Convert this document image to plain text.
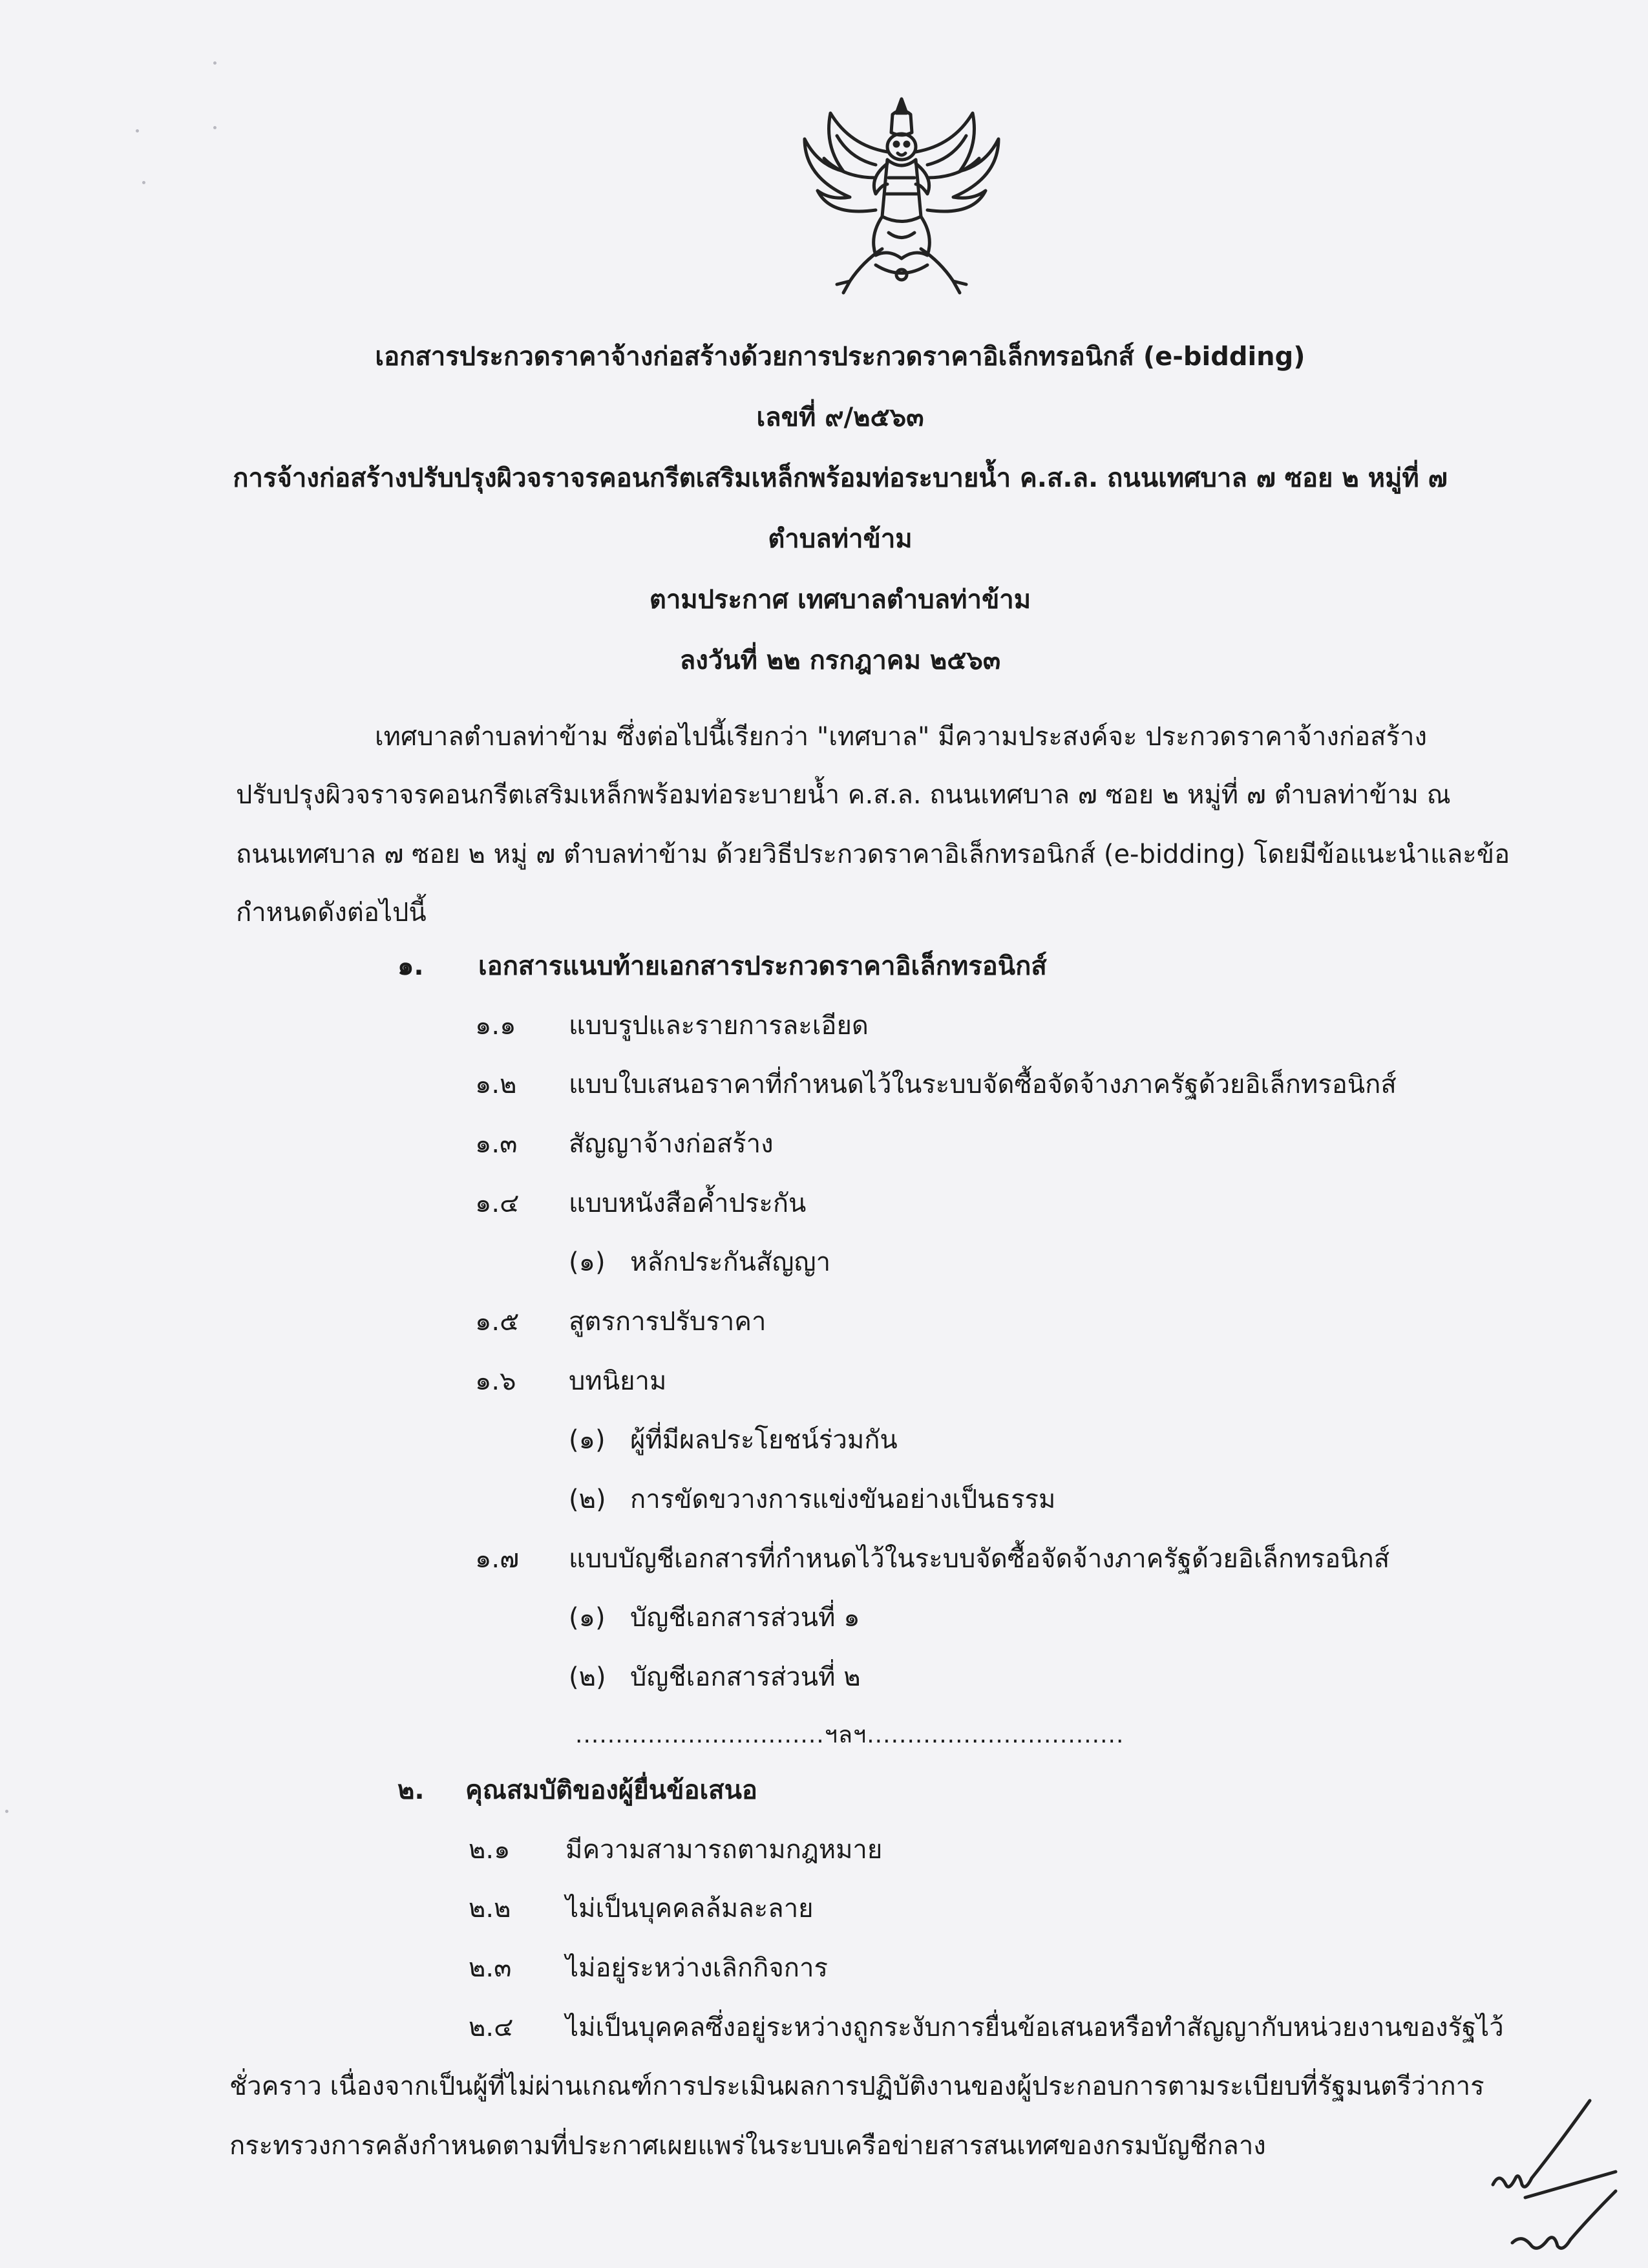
เอกสารประกวดราคาจ้างก่อสร้างด้วยการประกวดราคาอิเล็กทรอนิกส์ (e-bidding)
เลขที่ ๙/๒๕๖๓
การจ้างก่อสร้างปรับปรุงผิวจราจรคอนกรีตเสริมเหล็กพร้อมท่อระบายน้ำ ค.ส.ล. ถนนเทศบาล ๗ ซอย ๒ หมู่ที่ ๗
ตำบลท่าข้าม
ตามประกาศ เทศบาลตำบลท่าข้าม
ลงวันที่ ๒๒ กรกฎาคม ๒๕๖๓
เทศบาลตำบลท่าข้าม ซึ่งต่อไปนี้เรียกว่า "เทศบาล" มีความประสงค์จะ ประกวดราคาจ้างก่อสร้าง
ปรับปรุงผิวจราจรคอนกรีตเสริมเหล็กพร้อมท่อระบายน้ำ ค.ส.ล. ถนนเทศบาล ๗ ซอย ๒ หมู่ที่ ๗ ตำบลท่าข้าม ณ
ถนนเทศบาล ๗ ซอย ๒ หมู่ ๗ ตำบลท่าข้าม ด้วยวิธีประกวดราคาอิเล็กทรอนิกส์ (e-bidding) โดยมีข้อแนะนำและข้อ
กำหนดดังต่อไปนี้
๑. เอกสารแนบท้ายเอกสารประกวดราคาอิเล็กทรอนิกส์
๑.๑ แบบรูปและรายการละเอียด
๑.๒ แบบใบเสนอราคาที่กำหนดไว้ในระบบจัดซื้อจัดจ้างภาครัฐด้วยอิเล็กทรอนิกส์
๑.๓ สัญญาจ้างก่อสร้าง
๑.๔ แบบหนังสือค้ำประกัน
(๑) หลักประกันสัญญา
๑.๕ สูตรการปรับราคา
๑.๖ บทนิยาม
(๑) ผู้ที่มีผลประโยชน์ร่วมกัน
(๒) การขัดขวางการแข่งขันอย่างเป็นธรรม
๑.๗ แบบบัญชีเอกสารที่กำหนดไว้ในระบบจัดซื้อจัดจ้างภาครัฐด้วยอิเล็กทรอนิกส์
(๑) บัญชีเอกสารส่วนที่ ๑
(๒) บัญชีเอกสารส่วนที่ ๒
...............................ฯลฯ................................
๒. คุณสมบัติของผู้ยื่นข้อเสนอ
๒.๑ มีความสามารถตามกฎหมาย
๒.๒ ไม่เป็นบุคคลล้มละลาย
๒.๓ ไม่อยู่ระหว่างเลิกกิจการ
๒.๔ ไม่เป็นบุคคลซึ่งอยู่ระหว่างถูกระงับการยื่นข้อเสนอหรือทำสัญญากับหน่วยงานของรัฐไว้
ชั่วคราว เนื่องจากเป็นผู้ที่ไม่ผ่านเกณฑ์การประเมินผลการปฏิบัติงานของผู้ประกอบการตามระเบียบที่รัฐมนตรีว่าการ
กระทรวงการคลังกำหนดตามที่ประกาศเผยแพร่ในระบบเครือข่ายสารสนเทศของกรมบัญชีกลาง
